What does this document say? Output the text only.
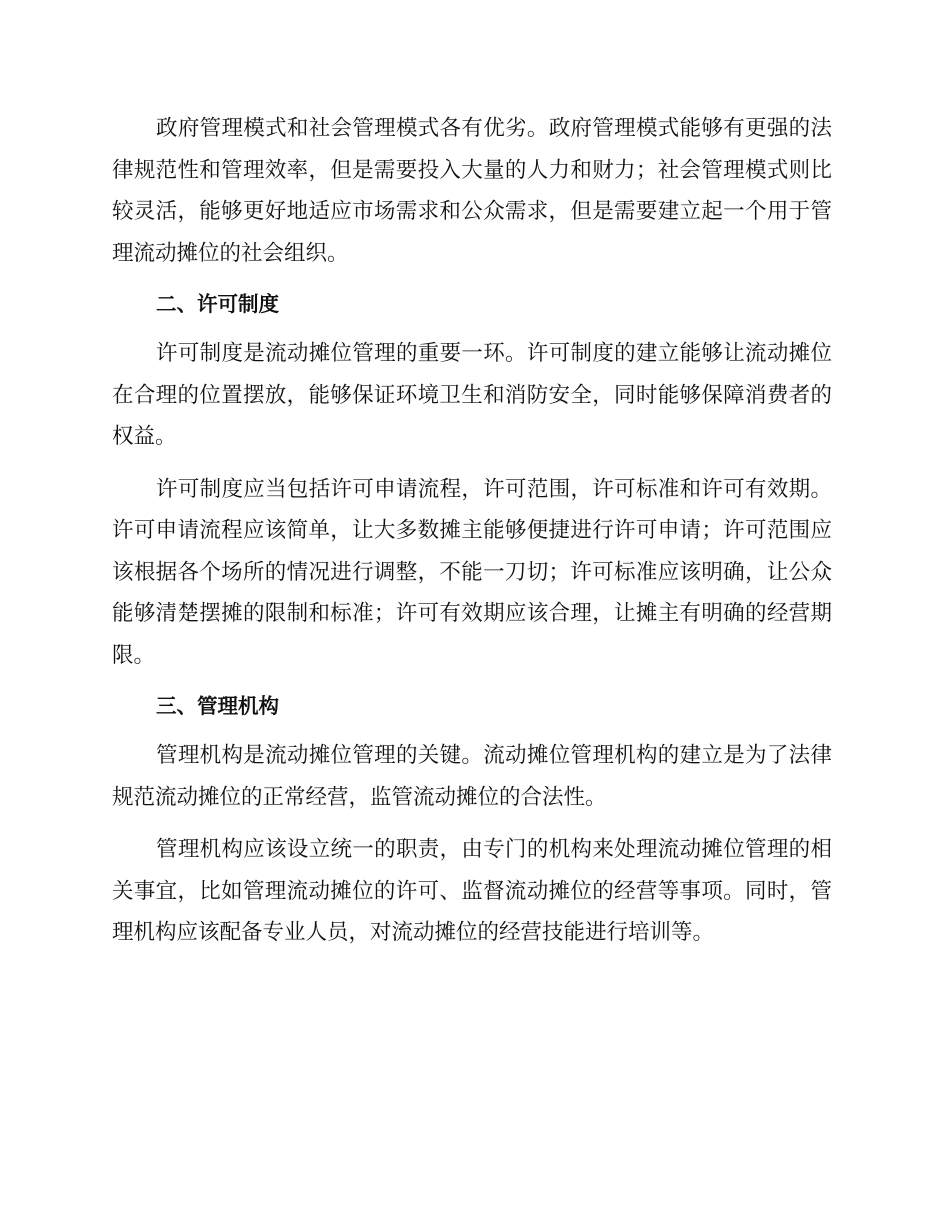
政府管理模式和社会管理模式各有优劣。政府管理模式能够有更强的法律规范性和管理效率，但是需要投入大量的人力和财力；社会管理模式则比较灵活，能够更好地适应市场需求和公众需求，但是需要建立起一个用于管理流动摊位的社会组织。

二、许可制度

许可制度是流动摊位管理的重要一环。许可制度的建立能够让流动摊位在合理的位置摆放，能够保证环境卫生和消防安全，同时能够保障消费者的权益。

许可制度应当包括许可申请流程，许可范围，许可标准和许可有效期。许可申请流程应该简单，让大多数摊主能够便捷进行许可申请；许可范围应该根据各个场所的情况进行调整，不能一刀切；许可标准应该明确，让公众能够清楚摆摊的限制和标准；许可有效期应该合理，让摊主有明确的经营期限。

三、管理机构

管理机构是流动摊位管理的关键。流动摊位管理机构的建立是为了法律规范流动摊位的正常经营，监管流动摊位的合法性。

管理机构应该设立统一的职责，由专门的机构来处理流动摊位管理的相关事宜，比如管理流动摊位的许可、监督流动摊位的经营等事项。同时，管理机构应该配备专业人员，对流动摊位的经营技能进行培训等。
